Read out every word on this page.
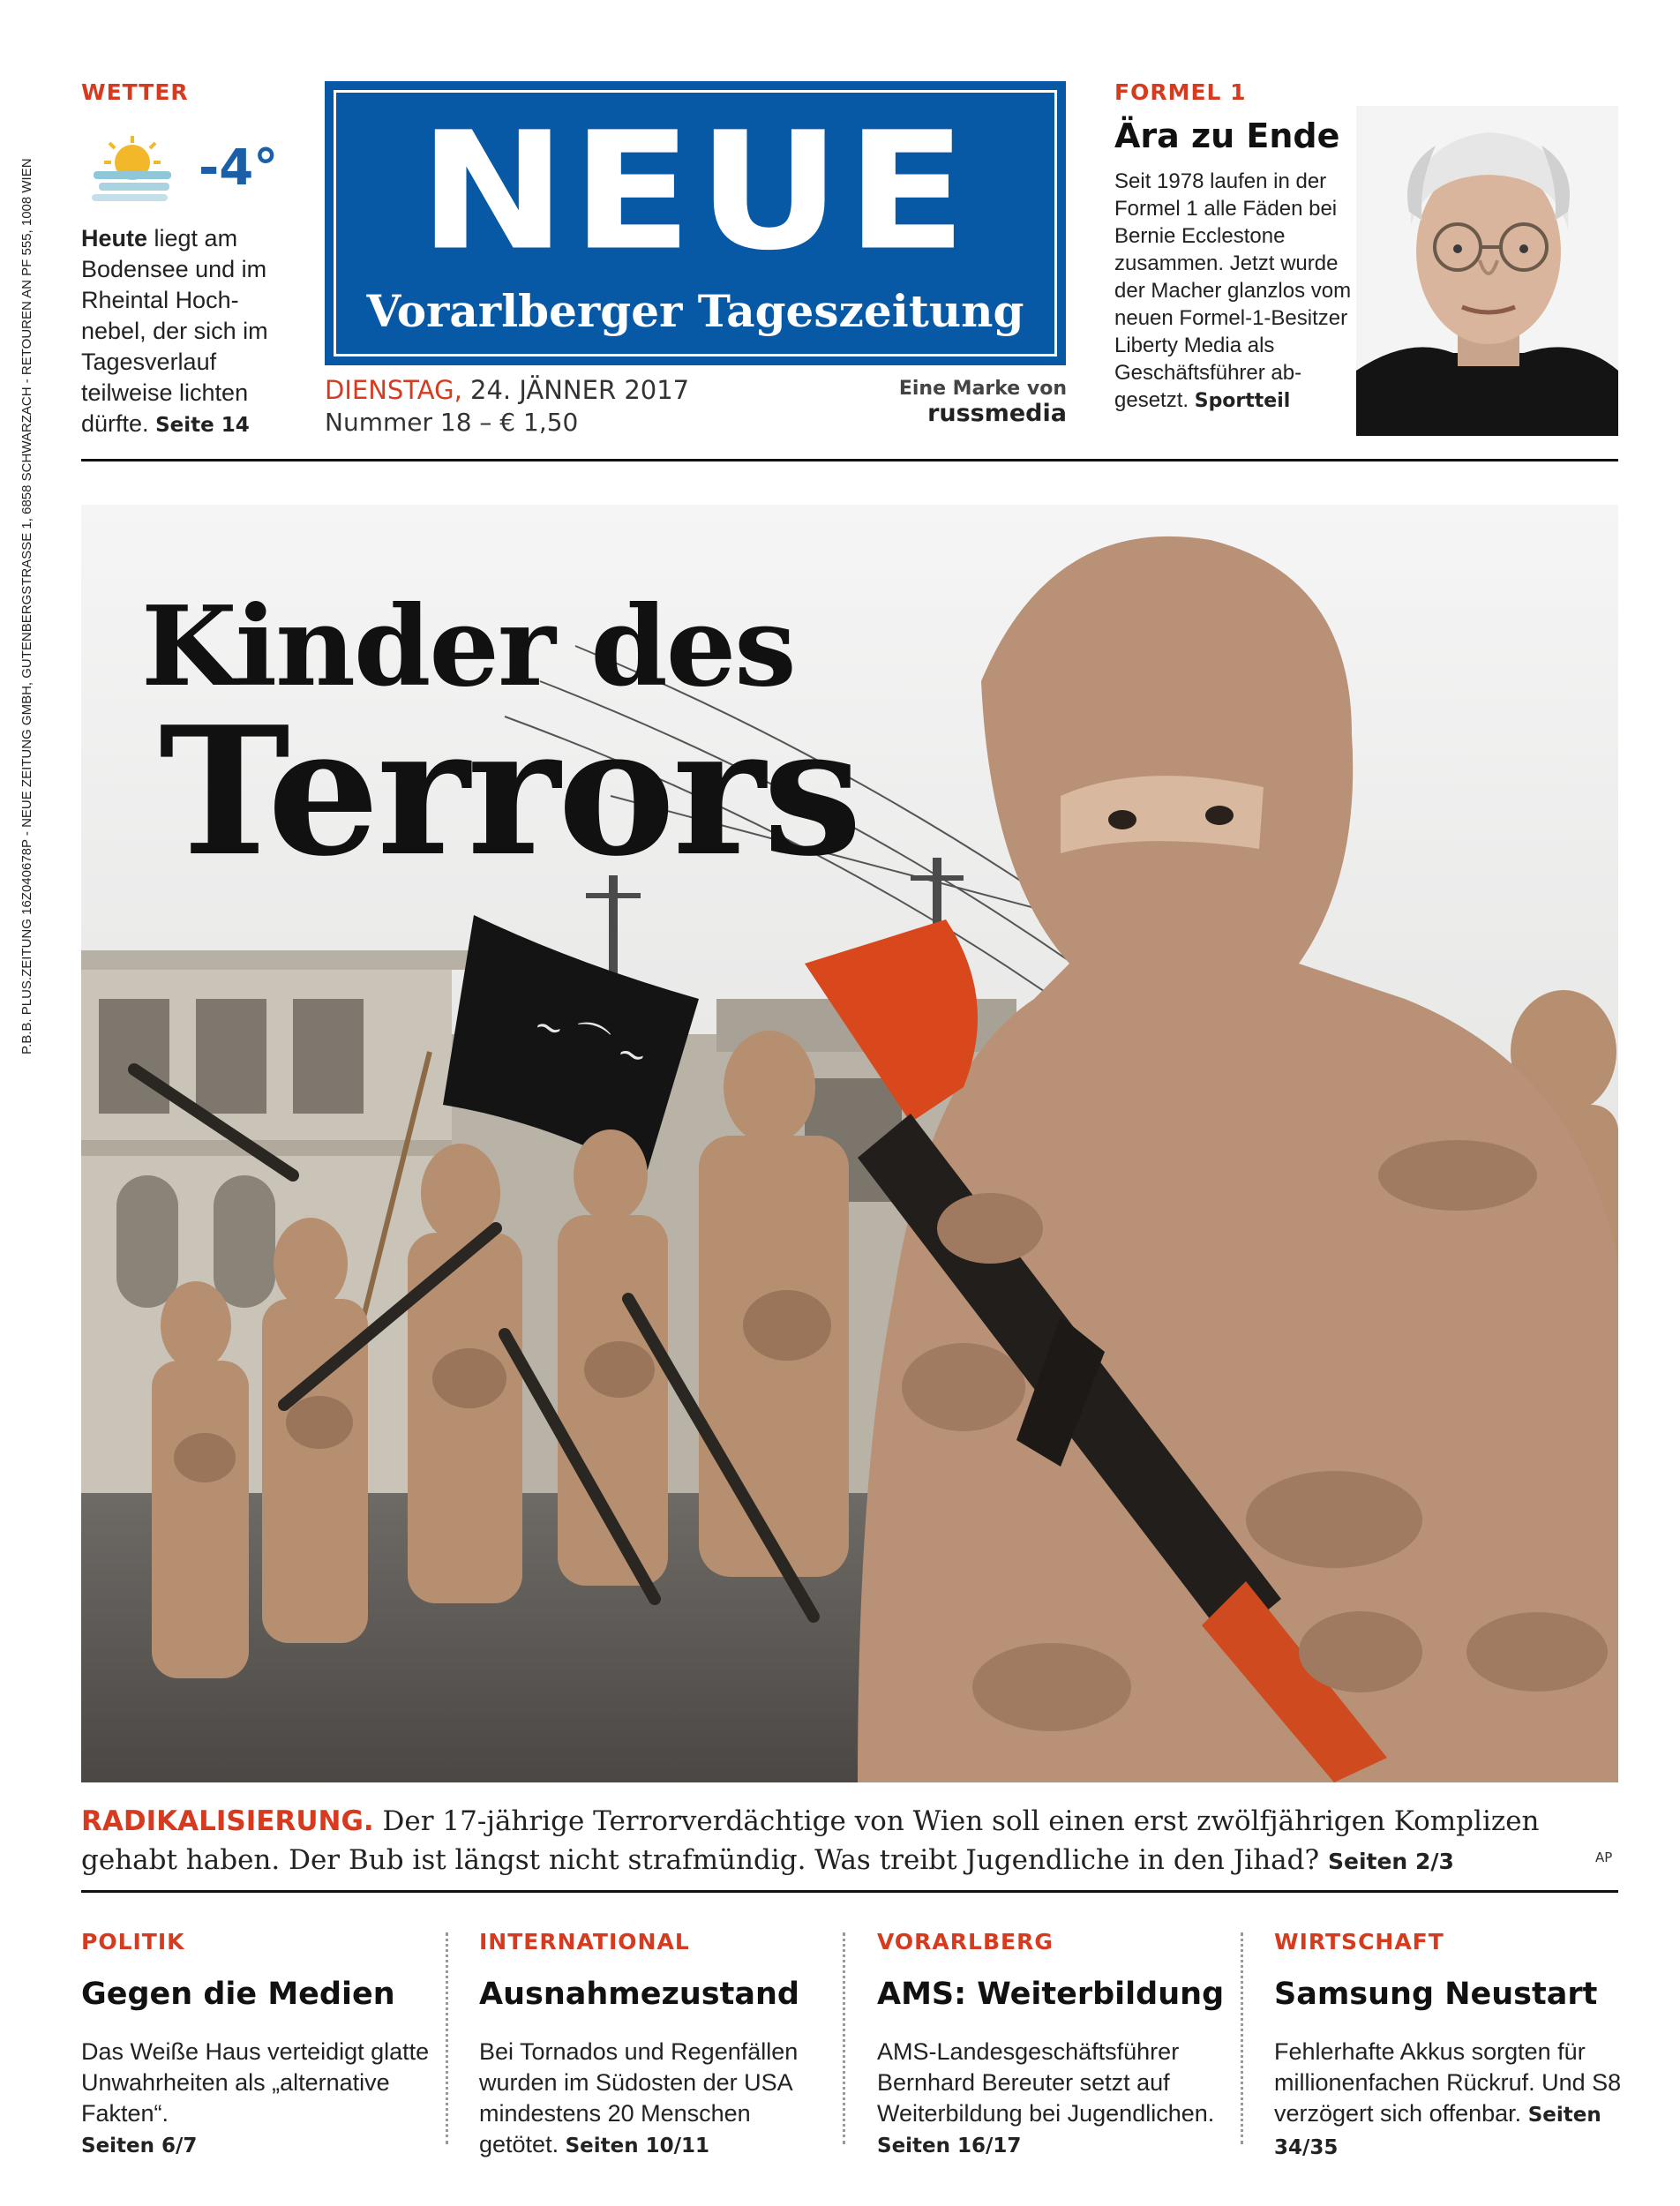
P.B.B. PLUS.ZEITUNG 16Z040678P - NEUE ZEITUNG GMBH, GUTENBERGSTRASSE 1, 6858 SCHWARZACH - RETOUREN AN PF 555, 1008 WIEN
WETTER
-4°
Heute liegt am Bodensee und im Rheintal Hochnebel, der sich im Tagesverlauf teilweise lichten dürfte. Seite 14
NEUE
Vorarlberger Tageszeitung
DIENSTAG, 24. JÄNNER 2017
Nummer 18 – € 1,50
Eine Marke von russmedia
FORMEL 1
Ära zu Ende
Seit 1978 laufen in der Formel 1 alle Fäden bei Bernie Ecclestone zusammen. Jetzt wurde der Macher glanzlos vom neuen Formel-1-Besitzer Liberty Media als Geschäftsführer abgesetzt. Sportteil
~ ⌒ ~
Kinder des
Terrors
RADIKALISIERUNG. Der 17-jährige Terrorverdächtige von Wien soll einen erst zwölfjährigen Komplizen gehabt haben. Der Bub ist längst nicht strafmündig. Was treibt Jugendliche in den Jihad? Seiten 2/3	AP
POLITIK
Gegen die Medien
Das Weiße Haus verteidigt glatte Unwahrheiten als „alternative Fakten“.
Seiten 6/7
INTERNATIONAL
Ausnahmezustand
Bei Tornados und Regenfällen wurden im Südosten der USA mindestens 20 Menschen getötet. Seiten 10/11
VORARLBERG
AMS: Weiterbildung
AMS-Landesgeschäftsführer Bernhard Bereuter setzt auf Weiterbildung bei Jugendlichen. Seiten 16/17
WIRTSCHAFT
Samsung Neustart
Fehlerhafte Akkus sorgten für millionenfachen Rückruf. Und S8 verzögert sich offenbar. Seiten 34/35
